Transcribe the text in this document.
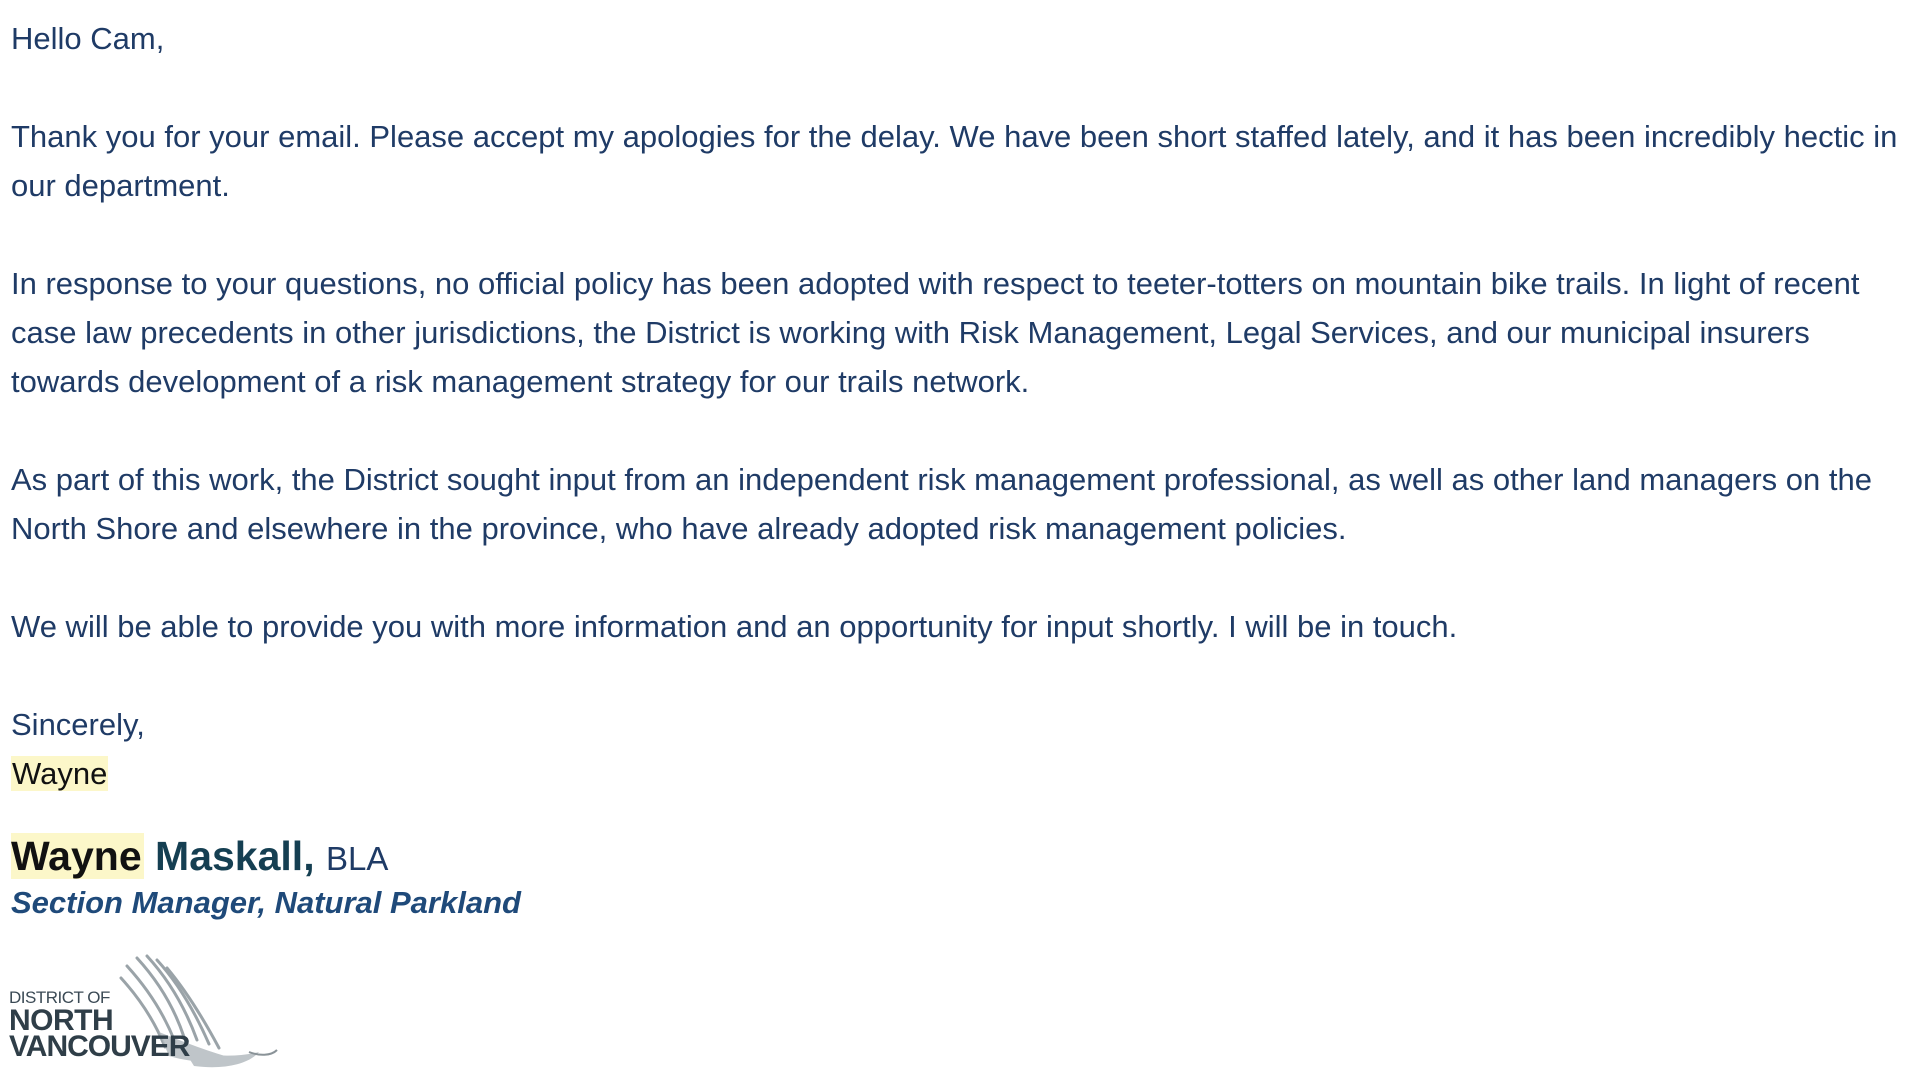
Hello Cam,

Thank you for your email. Please accept my apologies for the delay. We have been short staffed lately, and it has been incredibly hectic in our department.

In response to your questions, no official policy has been adopted with respect to teeter-totters on mountain bike trails. In light of recent case law precedents in other jurisdictions, the District is working with Risk Management, Legal Services, and our municipal insurers towards development of a risk management strategy for our trails network.

As part of this work, the District sought input from an independent risk management professional, as well as other land managers on the North Shore and elsewhere in the province, who have already adopted risk management policies.

We will be able to provide you with more information and an opportunity for input shortly. I will be in touch.

Sincerely,

Wayne

Wayne Maskall, BLA
Section Manager, Natural Parkland
DISTRICT OF
NORTH
VANCOUVER
